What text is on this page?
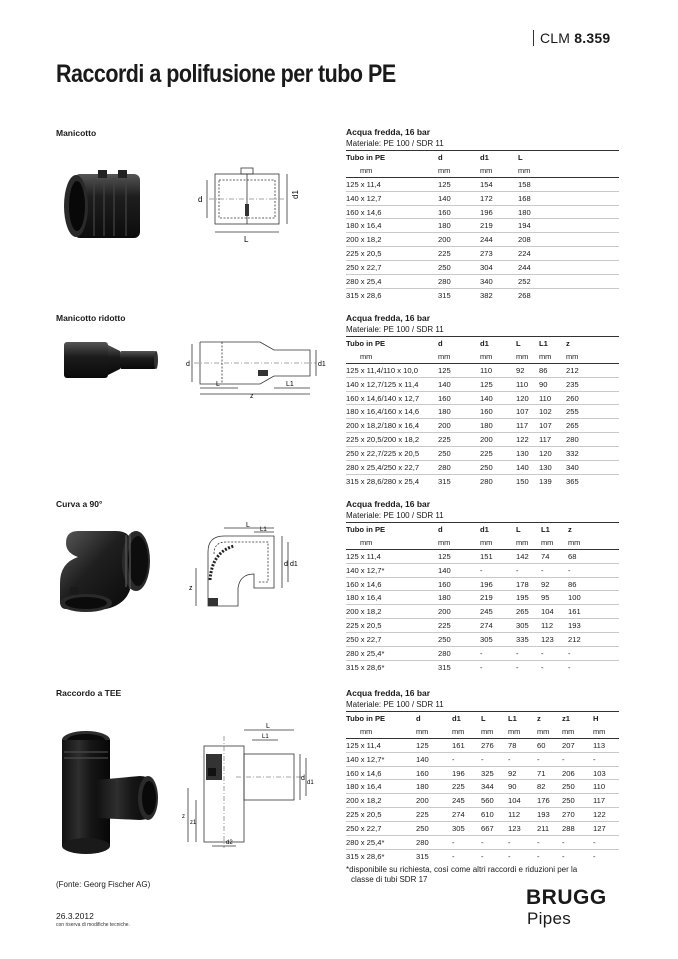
CLM 8.359
Raccordi a polifusione per tubo PE
Manicotto
d
d1
L
Acqua fredda, 16 bar
Materiale: PE 100 / SDR 11
Tubo in PE	d	d1	L
mm	mm	mm	mm
125 x 11,4	125	154	158
140 x 12,7	140	172	168
160 x 14,6	160	196	180
180 x 16,4	180	219	194
200 x 18,2	200	244	208
225 x 20,5	225	273	224
250 x 22,7	250	304	244
280 x 25,4	280	340	252
315 x 28,6	315	382	268
Manicotto ridotto
d	d1
L	L1
z
Acqua fredda, 16 bar
Materiale: PE 100 / SDR 11
Tubo in PE	d	d1	L	L1	z
mm	mm	mm	mm	mm	mm
125 x 11,4/110 x 10,0	125	110	92	86	212
140 x 12,7/125 x 11,4	140	125	110	90	235
160 x 14,6/140 x 12,7	160	140	120	110	260
180 x 16,4/160 x 14,6	180	160	107	102	255
200 x 18,2/180 x 16,4	200	180	117	107	265
225 x 20,5/200 x 18,2	225	200	122	117	280
250 x 22,7/225 x 20,5	250	225	130	120	332
280 x 25,4/250 x 22,7	280	250	140	130	340
315 x 28,6/280 x 25,4	315	280	150	139	365
Curva a 90°
d d1
L
L1
z
Acqua fredda, 16 bar
Materiale: PE 100 / SDR 11
Tubo in PE	d	d1	L	L1	z
mm	mm	mm	mm	mm	mm
125 x 11,4	125	151	142	74	68
140 x 12,7*	140	-	-	-	-
160 x 14,6	160	196	178	92	86
180 x 16,4	180	219	195	95	100
200 x 18,2	200	245	265	104	161
225 x 20,5	225	274	305	112	193
250 x 22,7	250	305	335	123	212
280 x 25,4*	280	-	-	-	-
315 x 28,6*	315	-	-	-	-
Raccordo a TEE
d
d1
d2
L
L1
z
z1
Acqua fredda, 16 bar
Materiale: PE 100 / SDR 11
Tubo in PE	d	d1	L	L1	z	z1	H
mm	mm	mm	mm	mm	mm	mm	mm
125 x 11,4	125	161	276	78	60	207	113
140 x 12,7*	140	-	-	-	-	-	-
160 x 14,6	160	196	325	92	71	206	103
180 x 16,4	180	225	344	90	82	250	110
200 x 18,2	200	245	560	104	176	250	117
225 x 20,5	225	274	610	112	193	270	122
250 x 22,7	250	305	667	123	211	288	127
280 x 25,4*	280	-	-	-	-	-	-
315 x 28,6*	315	-	-	-	-	-	-
*disponibile su richiesta, così come altri raccordi e riduzioni per la
classe di tubi SDR 17
(Fonte: Georg Fischer AG)
26.3.2012
con riserva di modifiche tecniche.
BRUGG
Pipes
